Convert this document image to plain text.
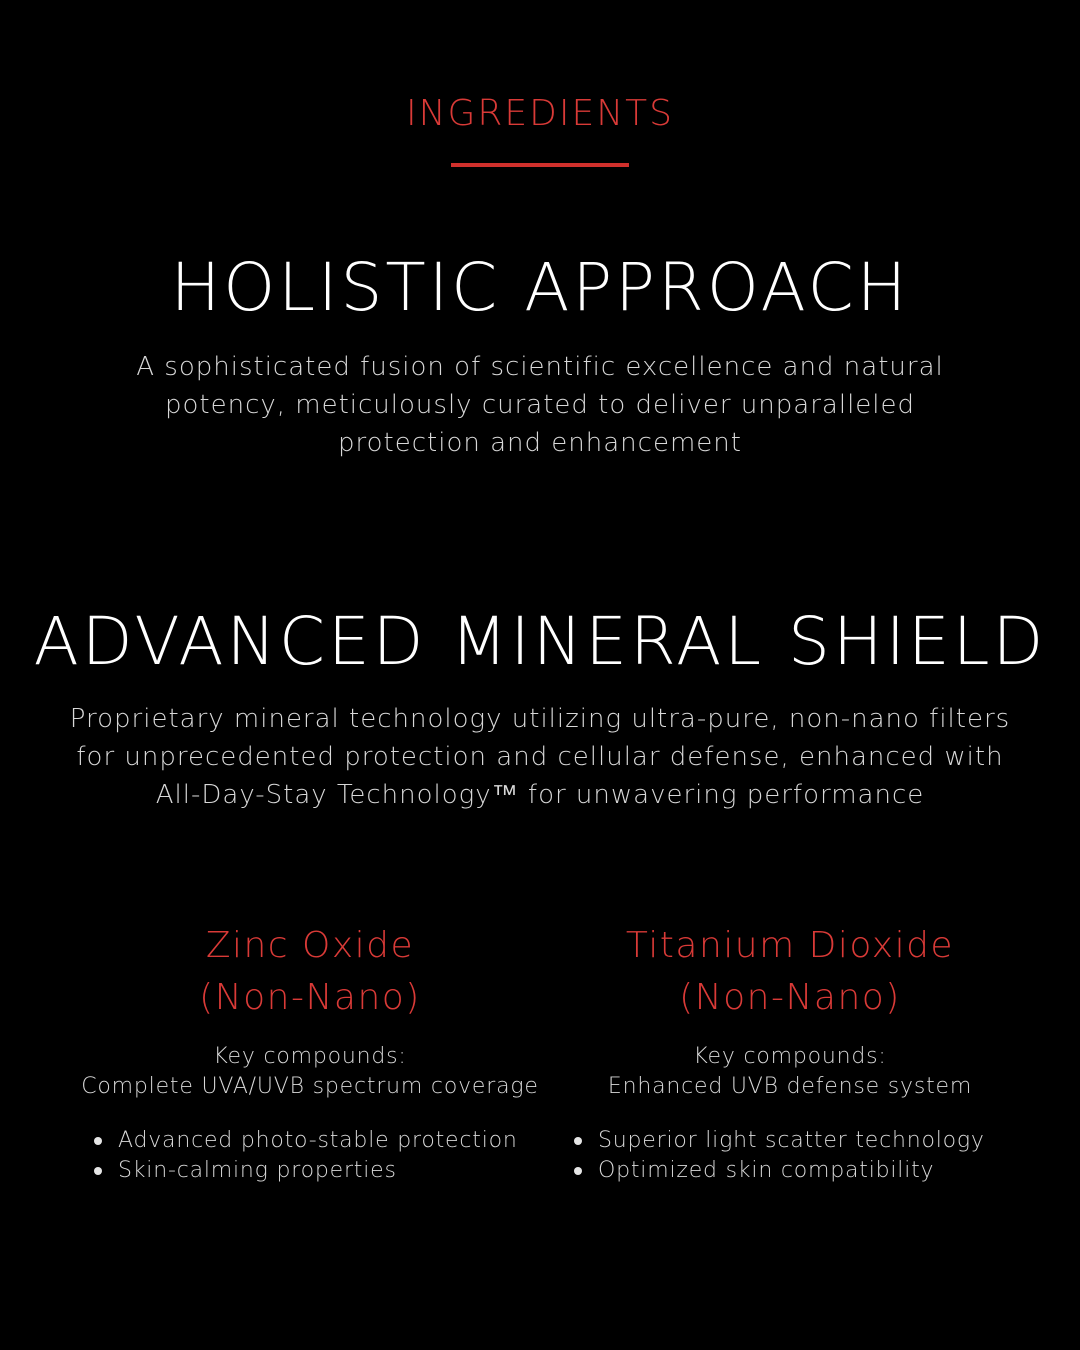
INGREDIENTS
HOLISTIC APPROACH
A sophisticated fusion of scientific excellence and natural
potency, meticulously curated to deliver unparalleled
protection and enhancement
ADVANCED MINERAL SHIELD
Proprietary mineral technology utilizing ultra-pure, non-nano filters
for unprecedented protection and cellular defense, enhanced with
All-Day-Stay Technology™ for unwavering performance
Zinc Oxide
(Non-Nano)
Key compounds:
Complete UVA/UVB spectrum coverage
Advanced photo-stable protection
Skin-calming properties
Titanium Dioxide
(Non-Nano)
Key compounds:
Enhanced UVB defense system
Superior light scatter technology
Optimized skin compatibility
